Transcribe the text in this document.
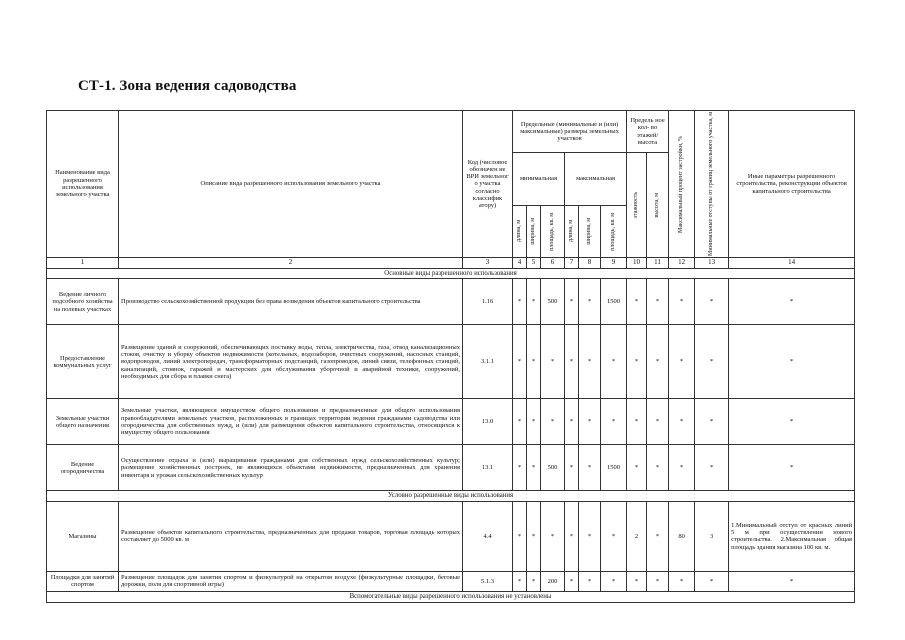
СТ-1. Зона ведения садоводства
Наименование вида разрешенного использования земельного участка	Описание вида разрешенного использования земельного участка	Код (числовое обозначен ие ВРИ земельног о участка согласно классифик атору)	Предельные (минимальные и (или) максимальные) размеры земельных участков						Предель ное кол- во этажей/ высота		Максимальный процент застройки, %	Минимальные отступы от границ земельного участка, м	Иные параметры разрешенного строительства, реконструкции объектов капитального строительства
			минимальная			максимальная			этажность	высота, м			

			длина, м	ширина, м	площадь, кв. м	длина, м	ширина, м	площадь, кв. м					

1	2	3	4	5	6	7	8	9	10	11	12	13	14
Основные виды разрешенного использования													
Ведение личного подсобного хозяйства на полевых участках	Производство сельскохозяйственной продукции без права возведения объектов капитального строительства	1.16	*	*	500	*	*	1500	*	*	*	*	*
Предоставление коммунальных услуг	Размещение зданий и сооружений, обеспечивающих поставку воды, тепла, электричества, газа, отвод канализационных стоков, очистку и уборку объектов недвижимости (котельных, водозаборов, очистных сооружений, насосных станций, водопроводов, линий электропередач, трансформаторных подстанций, газопроводов, линий связи, телефонных станций, канализаций, стоянок, гаражей и мастерских для обслуживания уборочной и аварийной техники, сооружений, необходимых для сбора и плавки снега)	3.1.1	*	*	*	*	*	*	*	*	*	*	*
Земельные участки общего назначения	Земельные участки, являющиеся имуществом общего пользования и предназначенные для общего использования правообладателями земельных участков, расположенных в границах территории ведения гражданами садоводства или огородничества для собственных нужд, и (или) для размещения объектов капитального строительства, относящихся к имуществу общего пользования	13.0	*	*	*	*	*	*	*	*	*	*	*
Ведение огородничества	Осуществление отдыха и (или) выращивания гражданами для собственных нужд сельскохозяйственных культур; размещение хозяйственных построек, не являющихся объектами недвижимости, предназначенных для хранения инвентаря и урожая сельскохозяйственных культур	13.1	*	*	500	*	*	1500	*	*	*	*	*
Условно разрешенные виды использования													
Магазины	Размещение объектов капитального строительства, предназначенных для продажи товаров, торговая площадь которых составляет до 5000 кв. м	4.4	*	*	*	*	*	*	2	*	80	3	1.Минимальный отступ от красных линий 5 м при осуществлении нового строительства. 2.Максимальная общая площадь здания магазина 100 кв. м.
Площадки для занятий спортом	Размещение площадок для занятия спортом и физкультурой на открытом воздухе (физкультурные площадки, беговые дорожки, поля для спортивной игры)	5.1.3	*	*	200	*	*	*	*	*	*	*	*
Вспомогательные виды разрешенного использования не установлены													
